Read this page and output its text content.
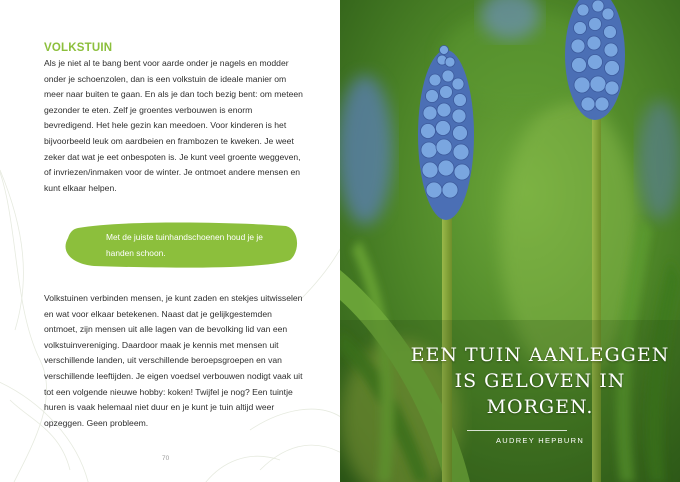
VOLKSTUIN

Als je niet al te bang bent voor aarde onder je nagels en modder onder je schoenzolen, dan is een volkstuin de ideale manier om meer naar buiten te gaan. En als je dan toch bezig bent: om meteen gezonder te eten. Zelf je groentes verbouwen is enorm bevredigend. Het hele gezin kan meedoen. Voor kinderen is het bijvoorbeeld leuk om aardbeien en frambozen te kweken. Je weet zeker dat wat je eet onbespoten is. Je kunt veel groente weggeven, of invriezen/inmaken voor de winter. Je ontmoet andere mensen en kunt elkaar helpen.

Met de juiste tuinhandschoenen houd je je handen schoon.

Volkstuinen verbinden mensen, je kunt zaden en stekjes uitwisselen en wat voor elkaar betekenen. Naast dat je gelijkgestemden ontmoet, zijn mensen uit alle lagen van de bevolking lid van een volkstuinvereniging. Daardoor maak je kennis met mensen uit verschillende landen, uit verschillende beroepsgroepen en van verschillende leeftijden. Je eigen voedsel verbouwen nodigt vaak uit tot een volgende nieuwe hobby: koken! Twijfel je nog? Een tuintje huren is vaak helemaal niet duur en je kunt je tuin altijd weer opzeggen. Geen probleem.

70
EEN TUIN AANLEGGEN
IS GELOVEN IN MORGEN.
AUDREY HEPBURN
